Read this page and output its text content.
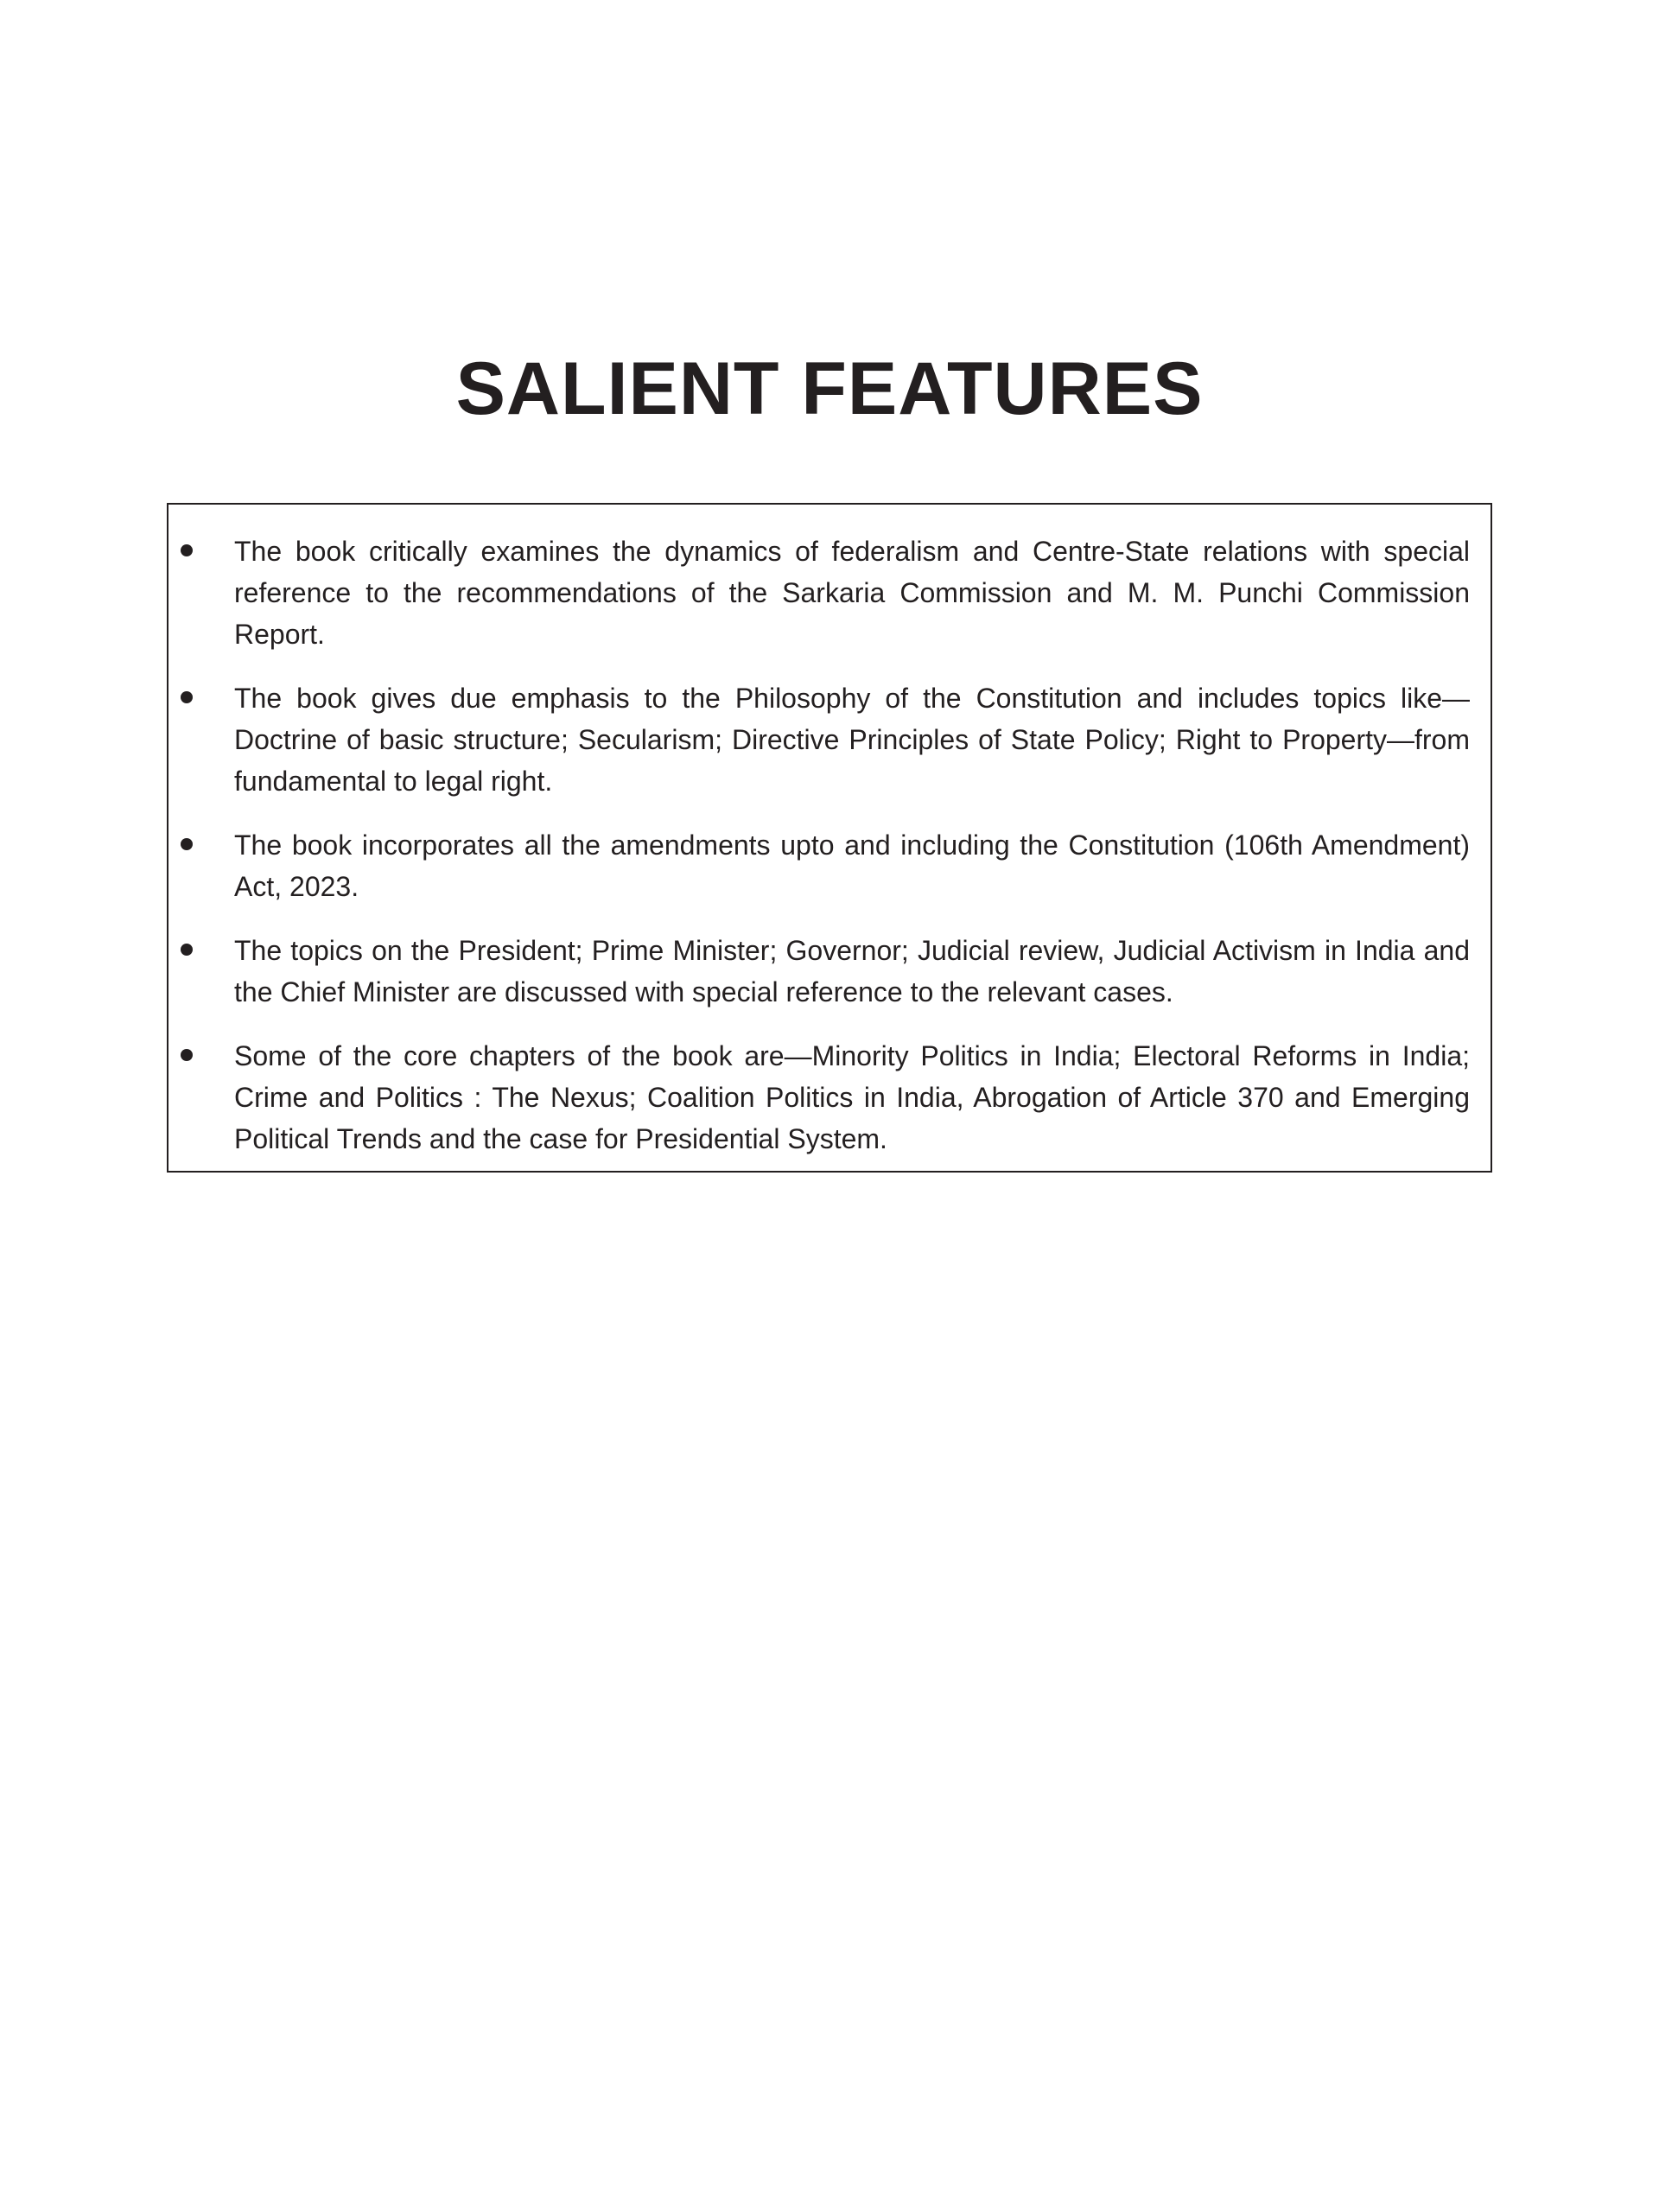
SALIENT FEATURES
The book critically examines the dynamics of federalism and Centre-State relations with special reference to the recommendations of the Sarkaria Commission and M. M. Punchi Commission Report.
The book gives due emphasis to the Philosophy of the Constitution and includes topics like—Doctrine of basic structure; Secularism; Directive Principles of State Policy; Right to Property—from fundamental to legal right.
The book incorporates all the amendments upto and including the Constitution (106th Amendment) Act, 2023.
The topics on the President; Prime Minister; Governor; Judicial review, Judicial Activism in India and the Chief Minister are discussed with special reference to the relevant cases.
Some of the core chapters of the book are—Minority Politics in India; Electoral Reforms in India; Crime and Politics : The Nexus; Coalition Politics in India, Abrogation of Article 370 and Emerging Political Trends and the case for Presidential System.
